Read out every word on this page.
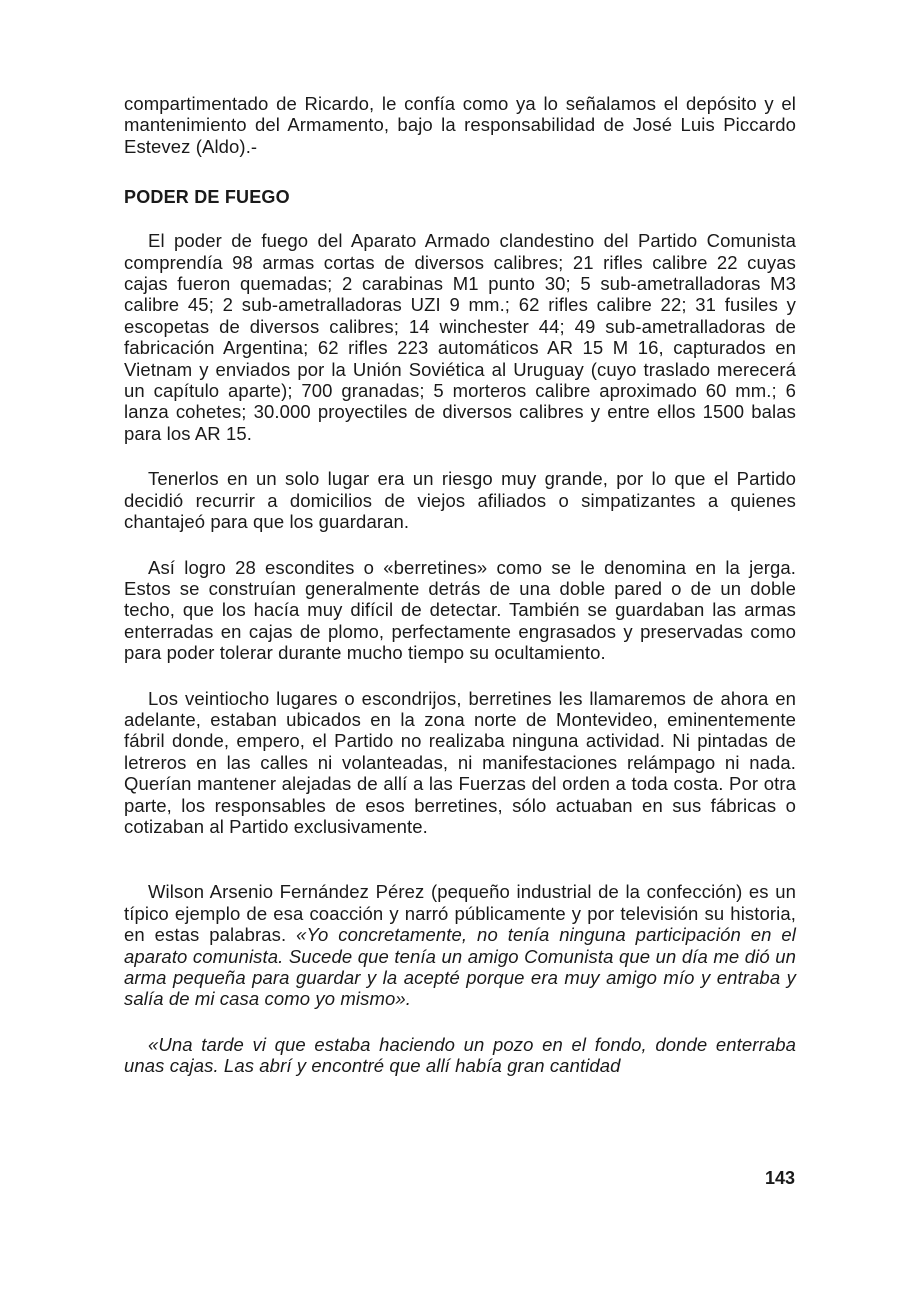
compartimentado de Ricardo, le confía como ya lo señalamos el depósito y el mantenimiento del Armamento, bajo la responsabilidad de José Luis Piccardo Estevez (Aldo).-

PODER DE FUEGO

El poder de fuego del Aparato Armado clandestino del Partido Comunista comprendía 98 armas cortas de diversos calibres; 21 rifles calibre 22 cuyas cajas fueron quemadas; 2 carabinas M1 punto 30; 5 sub-ametralladoras M3 calibre 45; 2 sub-ametralladoras UZI 9 mm.; 62 rifles calibre 22; 31 fusiles y escopetas de diversos calibres; 14 winchester 44; 49 sub-ametralladoras de fabricación Argentina; 62 rifles 223 automáticos AR 15 M 16, capturados en Vietnam y enviados por la Unión Soviética al Uruguay (cuyo traslado merecerá un capítulo aparte); 700 granadas; 5 morteros calibre aproximado 60 mm.; 6 lanza cohetes; 30.000 proyectiles de diversos calibres y entre ellos 1500 balas para los AR 15.

Tenerlos en un solo lugar era un riesgo muy grande, por lo que el Partido decidió recurrir a domicilios de viejos afiliados o simpatizantes a quienes chantajeó para que los guardaran.

Así logro 28 escondites o «berretines» como se le denomina en la jerga. Estos se construían generalmente detrás de una doble pared o de un doble techo, que los hacía muy difícil de detectar. También se guardaban las armas enterradas en cajas de plomo, perfectamente engrasados y preservadas como para poder tolerar durante mucho tiempo su ocultamiento.

Los veintiocho lugares o escondrijos, berretines les llamaremos de ahora en adelante, estaban ubicados en la zona norte de Montevideo, eminentemente fábril donde, empero, el Partido no realizaba ninguna actividad. Ni pintadas de letreros en las calles ni volanteadas, ni manifestaciones relámpago ni nada. Querían mantener alejadas de allí a las Fuerzas del orden a toda costa. Por otra parte, los responsables de esos berretines, sólo actuaban en sus fábricas o cotizaban al Partido exclusivamente.

Wilson Arsenio Fernández Pérez (pequeño industrial de la confección) es un típico ejemplo de esa coacción y narró públicamente y por televisión su historia, en estas palabras. «Yo concretamente, no tenía ninguna participación en el aparato comunista. Sucede que tenía un amigo Comunista que un día me dió un arma pequeña para guardar y la acepté porque era muy amigo mío y entraba y salía de mi casa como yo mismo».

«Una tarde vi que estaba haciendo un pozo en el fondo, donde enterraba unas cajas. Las abrí y encontré que allí había gran cantidad

143
